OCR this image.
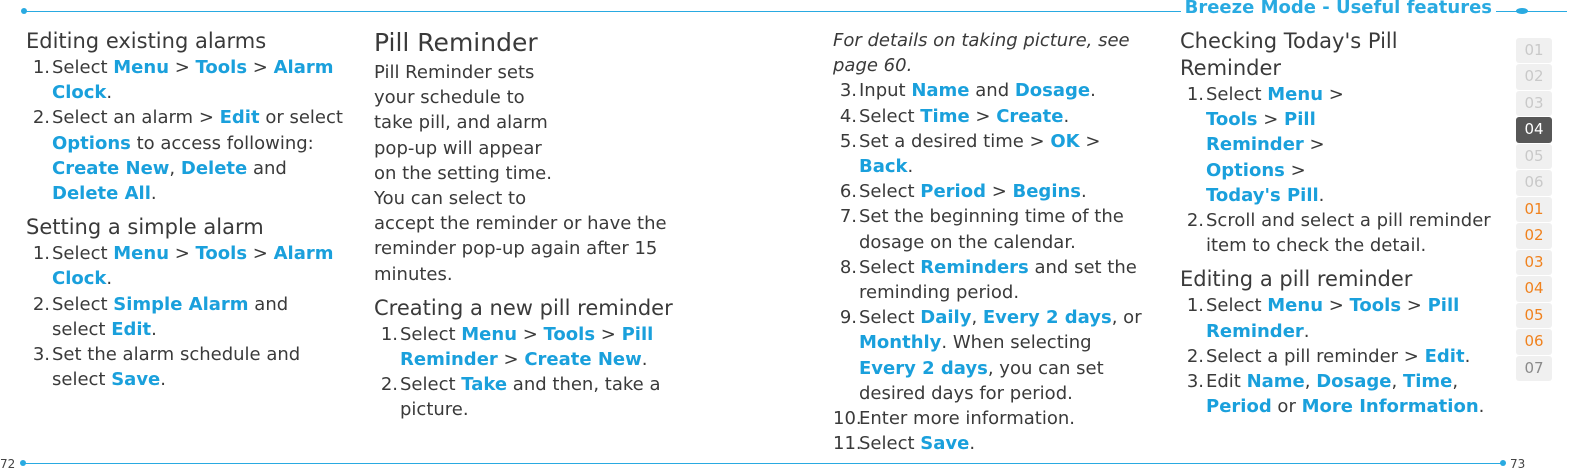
Breeze Mode - Useful features
72	73
Editing existing alarms
1. Select Menu > Tools > Alarm Clock.
2. Select an alarm > Edit or select Options to access following: Create New, Delete and Delete All.
Setting a simple alarm
1. Select Menu > Tools > Alarm Clock.
2. Select Simple Alarm and select Edit.
3. Set the alarm schedule and select Save.
Pill Reminder

Pill Reminder sets

your schedule to

take pill, and alarm

pop-up will appear

on the setting time.

You can select to

accept the reminder or have the reminder pop-up again after 15 minutes.

Creating a new pill reminder
1. Select Menu > Tools > Pill Reminder > Create New.
2. Select Take and then, take a picture.

For details on taking picture, see page 60.

3. Input Name and Dosage.
4. Select Time > Create.
5. Set a desired time > OK > Back.
6. Select Period > Begins.
7. Set the beginning time of the dosage on the calendar.
8. Select Reminders and set the reminding period.
9. Select Daily, Every 2 days, or Monthly. When selecting Every 2 days, you can set desired days for period.
10.
Enter more information.
11.
Select Save.
Checking Today's Pill Reminder
1. Select Menu > Tools > Pill Reminder > Options > Today's Pill.
2. Scroll and select a pill reminder item to check the detail.
Editing a pill reminder
1. Select Menu > Tools > Pill Reminder.
2. Select a pill reminder > Edit.
3. Edit Name, Dosage, Time, Period or More Information.
01
02
03
04
05
06
01
02
03
04
05
06
07
